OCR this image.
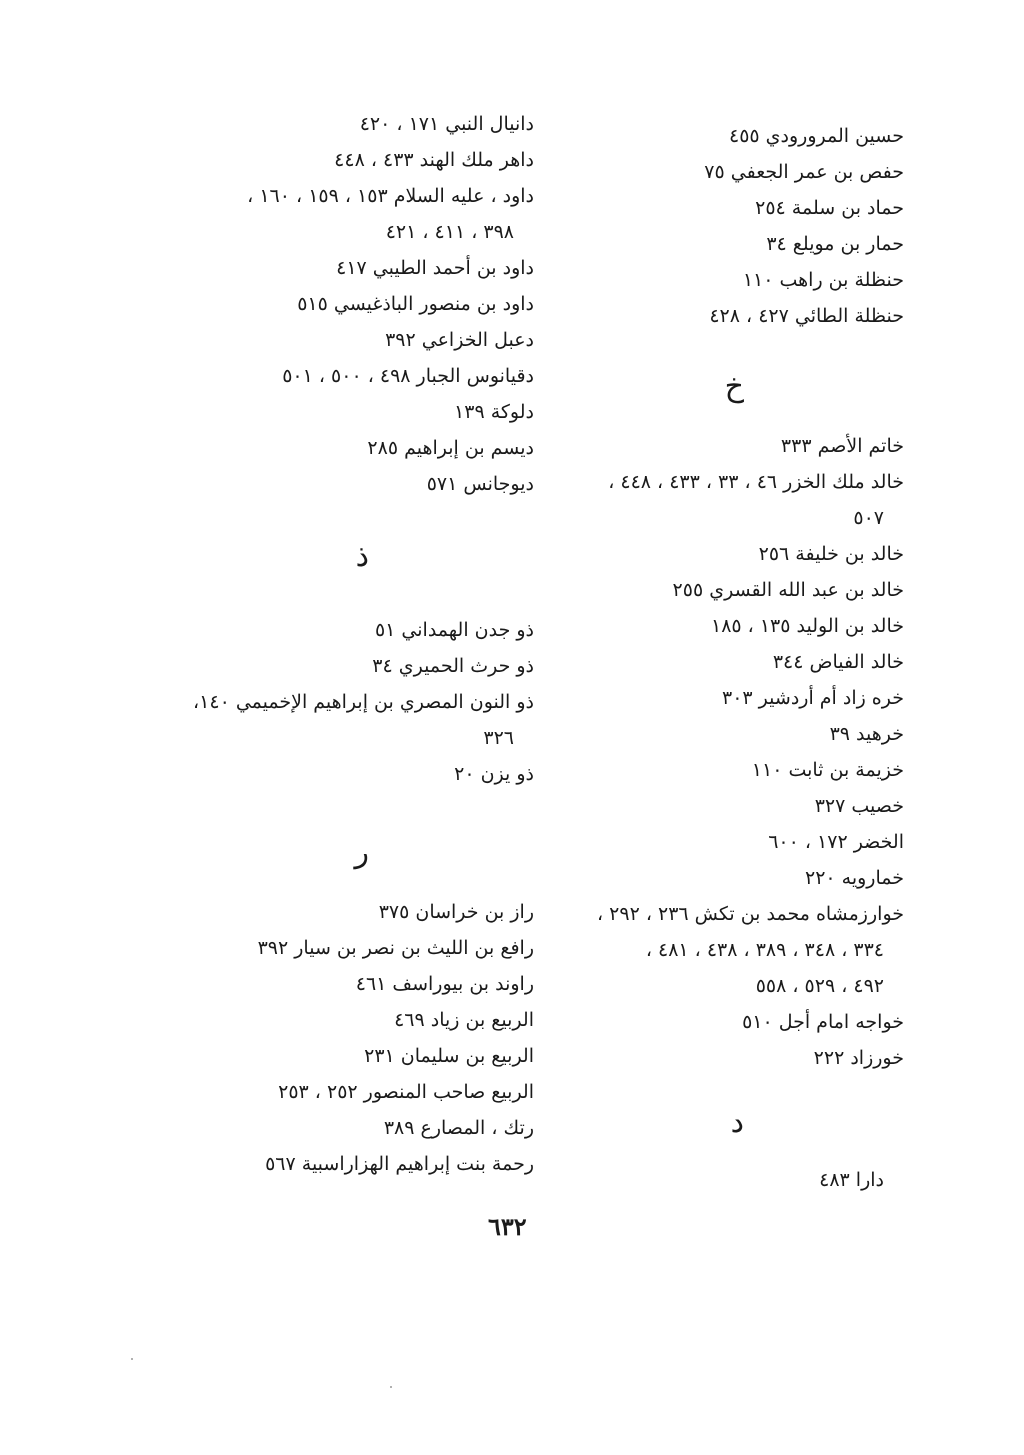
حسين المرورودي ٤٥٥
حفص بن عمر الجعفي ٧٥
حماد بن سلمة ٢٥٤
حمار بن مويلع ٣٤
حنظلة بن راهب ١١٠
حنظلة الطائي ٤٢٧ ، ٤٢٨
خ
خاتم الأصم ٣٣٣
خالد ملك الخزر ٤٦ ، ٣٣ ، ٤٣٣ ، ٤٤٨ ،
٥٠٧
خالد بن خليفة ٢٥٦
خالد بن عبد الله القسري ٢٥٥
خالد بن الوليد ١٣٥ ، ١٨٥
خالد الفياض ٣٤٤
خره زاد أم أردشير ٣٠٣
خرهيد ٣٩
خزيمة بن ثابت ١١٠
خصيب ٣٢٧
الخضر ١٧٢ ، ٦٠٠
خمارويه ٢٢٠
خوارزمشاه محمد بن تكش ٢٣٦ ، ٢٩٢ ،
٣٣٤ ، ٣٤٨ ، ٣٨٩ ، ٤٣٨ ، ٤٨١ ،
٤٩٢ ، ٥٢٩ ، ٥٥٨
خواجه امام أجل ٥١٠
خورزاد ٢٢٢
د
دارا ٤٨٣
دانيال النبي ١٧١ ، ٤٢٠
داهر ملك الهند ٤٣٣ ، ٤٤٨
داود ، عليه السلام ١٥٣ ، ١٥٩ ، ١٦٠ ،
٣٩٨ ، ٤١١ ، ٤٢١
داود بن أحمد الطيبي ٤١٧
داود بن منصور الباذغيسي ٥١٥
دعبل الخزاعي ٣٩٢
دقيانوس الجبار ٤٩٨ ، ٥٠٠ ، ٥٠١
دلوكة ١٣٩
ديسم بن إبراهيم ٢٨٥
ديوجانس ٥٧١
ذ
ذو جدن الهمداني ٥١
ذو حرث الحميري ٣٤
ذو النون المصري بن إبراهيم الإخميمي ١٤٠،
٣٢٦
ذو يزن ٢٠
ر
راز بن خراسان ٣٧٥
رافع بن الليث بن نصر بن سيار ٣٩٢
راوند بن بيوراسف ٤٦١
الربيع بن زياد ٤٦٩
الربيع بن سليمان ٢٣١
الربيع صاحب المنصور ٢٥٢ ، ٢٥٣
رتك ، المصارع ٣٨٩
رحمة بنت إبراهيم الهزاراسبية ٥٦٧
٦٣٢
